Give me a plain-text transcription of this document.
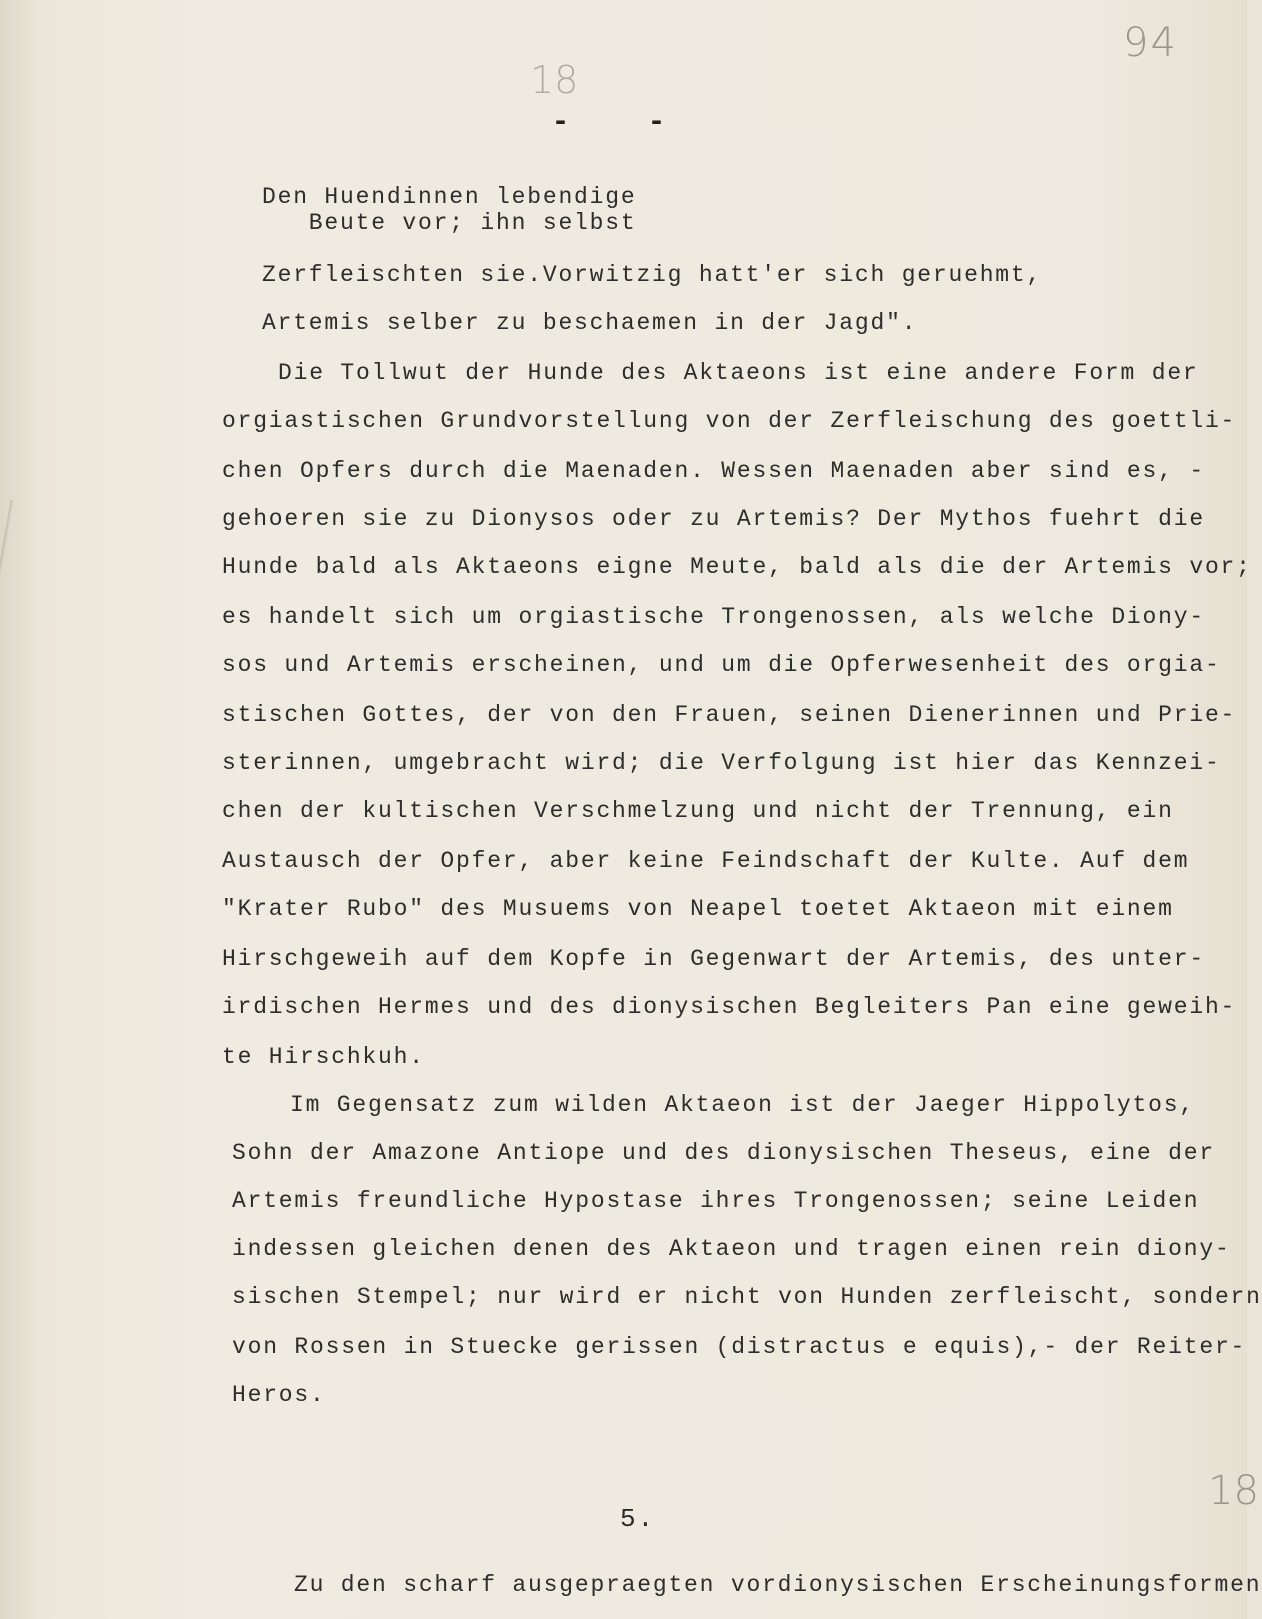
94
18
- -
Den Huendinnen lebendige
Beute vor; ihn selbst
Zerfleischten sie.Vorwitzig hatt'er sich geruehmt,
Artemis selber zu beschaemen in der Jagd".
Die Tollwut der Hunde des Aktaeons ist eine andere Form der
orgiastischen Grundvorstellung von der Zerfleischung des goettli-
chen Opfers durch die Maenaden. Wessen Maenaden aber sind es, -
gehoeren sie zu Dionysos oder zu Artemis? Der Mythos fuehrt die
Hunde bald als Aktaeons eigne Meute, bald als die der Artemis vor;
es handelt sich um orgiastische Trongenossen, als welche Diony-
sos und Artemis erscheinen, und um die Opferwesenheit des orgia-
stischen Gottes, der von den Frauen, seinen Dienerinnen und Prie-
sterinnen, umgebracht wird; die Verfolgung ist hier das Kennzei-
chen der kultischen Verschmelzung und nicht der Trennung, ein
Austausch der Opfer, aber keine Feindschaft der Kulte. Auf dem
"Krater Rubo" des Musuems von Neapel toetet Aktaeon mit einem
Hirschgeweih auf dem Kopfe in Gegenwart der Artemis, des unter-
irdischen Hermes und des dionysischen Begleiters Pan eine geweih-
te Hirschkuh.
Im Gegensatz zum wilden Aktaeon ist der Jaeger Hippolytos,
Sohn der Amazone Antiope und des dionysischen Theseus, eine der
Artemis freundliche Hypostase ihres Trongenossen; seine Leiden
indessen gleichen denen des Aktaeon und tragen einen rein diony-
sischen Stempel; nur wird er nicht von Hunden zerfleischt, sondern
von Rossen in Stuecke gerissen (distractus e equis),- der Reiter-
Heros.
5.
18
Zu den scharf ausgepraegten vordionysischen Erscheinungsformen
